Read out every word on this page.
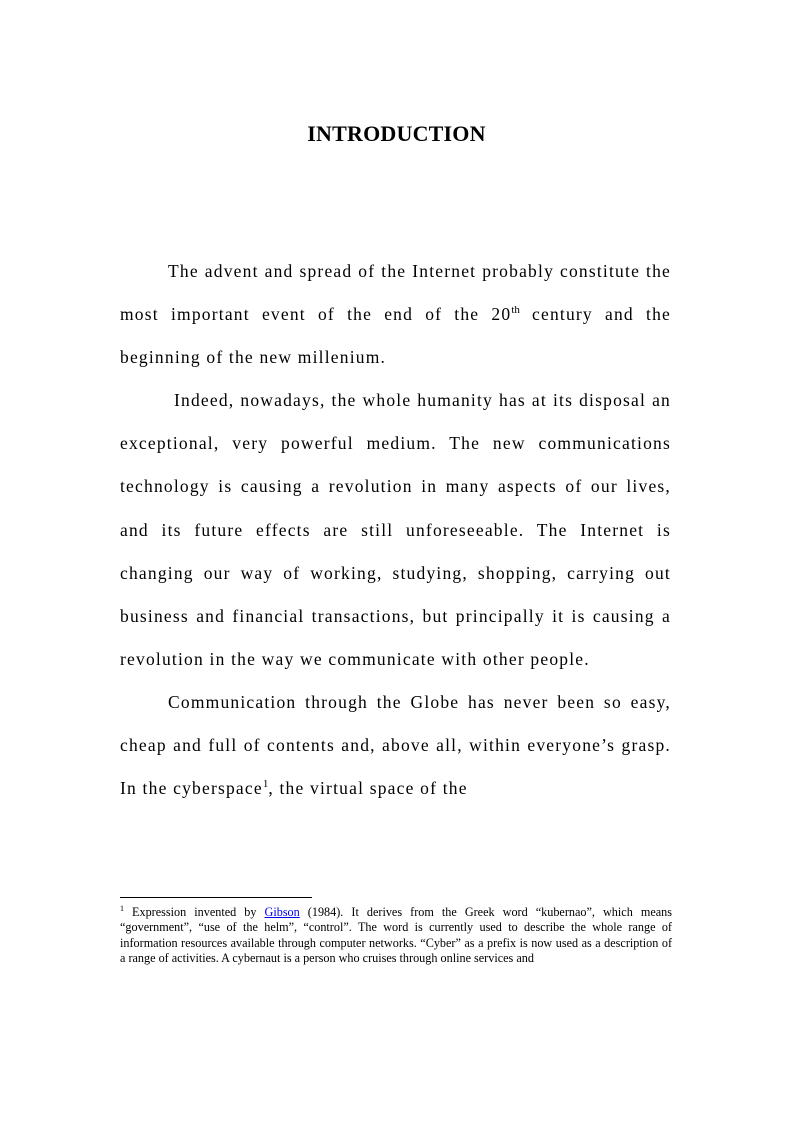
INTRODUCTION

The advent and spread of the Internet probably constitute the most important event of the end of the 20th century and the beginning of the new millenium.

Indeed, nowadays, the whole humanity has at its disposal an exceptional, very powerful medium. The new communications technology is causing a revolution in many aspects of our lives, and its future effects are still unforeseeable. The Internet is changing our way of working, studying, shopping, carrying out business and financial transactions, but principally it is causing a revolution in the way we communicate with other people.

Communication through the Globe has never been so easy, cheap and full of contents and, above all, within everyone’s grasp. In the cyberspace$^1$, the virtual space of the

$^1$ Expression invented by Gibson (1984). It derives from the Greek word “kubernao”, which means “government”, “use of the helm”, “control”. The word is currently used to describe the whole range of information resources available through computer networks. “Cyber” as a prefix is now used as a description of a range of activities. A cybernaut is a person who cruises through online services and
